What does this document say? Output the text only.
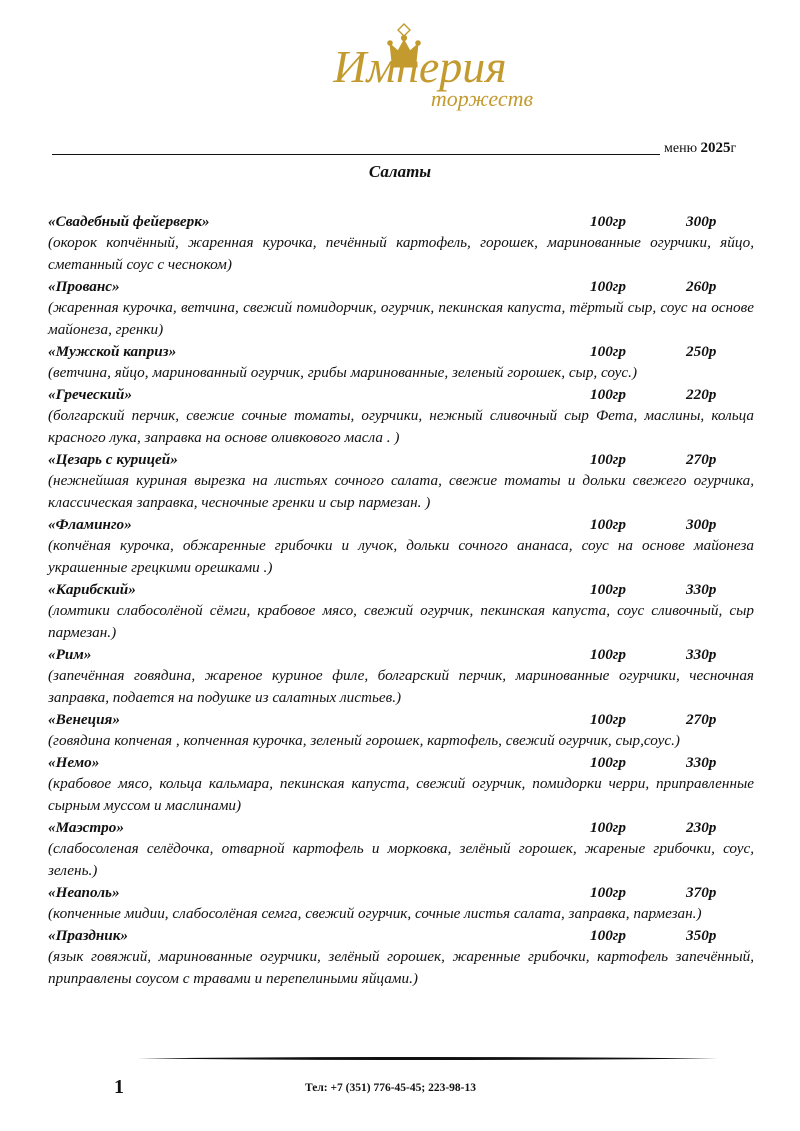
Империя
торжеств
меню 2025г
Салаты
«Свадебный фейерверк»	100гр	300р
(окорок копчённый, жаренная курочка, печённый картофель, горошек, маринованные огурчики, яйцо, сметанный соус с чесноком)
«Прованс»	100гр	260р
(жаренная курочка, ветчина, свежий помидорчик, огурчик, пекинская капуста, тёртый сыр, соус на основе майонеза, гренки)
«Мужской каприз»	100гр	250р
(ветчина, яйцо, маринованный огурчик, грибы маринованные, зеленый горошек, сыр, соус.)
«Греческий»	100гр	220р
(болгарский перчик, свежие сочные томаты, огурчики, нежный сливочный сыр Фета, маслины, кольца красного лука, заправка на основе оливкового масла . )
«Цезарь с курицей»	100гр	270р
(нежнейшая куриная вырезка на листьях сочного салата, свежие томаты и дольки свежего огурчика, классическая заправка, чесночные гренки и сыр пармезан. )
«Фламинго»	100гр	300р
(копчёная курочка, обжаренные грибочки и лучок, дольки сочного ананаса, соус на основе майонеза украшенные грецкими орешками .)
«Карибский»	100гр	330р
(ломтики слабосолёной сёмги, крабовое мясо, свежий огурчик, пекинская капуста, соус сливочный, сыр пармезан.)
«Рим»	100гр	330р
(запечённая говядина, жареное куриное филе, болгарский перчик, маринованные огурчики, чесночная заправка, подается на подушке из салатных листьев.)
«Венеция»	100гр	270р
(говядина копченая , копченная курочка, зеленый горошек, картофель, свежий огурчик, сыр,соус.)
«Немо»	100гр	330р
(крабовое мясо, кольца кальмара, пекинская капуста, свежий огурчик, помидорки черри, приправленные сырным муссом и маслинами)
«Маэстро»	100гр	230р
(слабосоленая селёдочка, отварной картофель и морковка, зелёный горошек, жареные грибочки, соус, зелень.)
«Неаполь»	100гр	370р
(копченные мидии, слабосолёная семга, свежий огурчик, сочные листья салата, заправка, пармезан.)
«Праздник»	100гр	350р
(язык говяжий, маринованные огурчики, зелёный горошек, жаренные грибочки, картофель запечённый, приправлены соусом с травами и перепелиными яйцами.)
1	Тел: +7 (351) 776-45-45; 223-98-13
